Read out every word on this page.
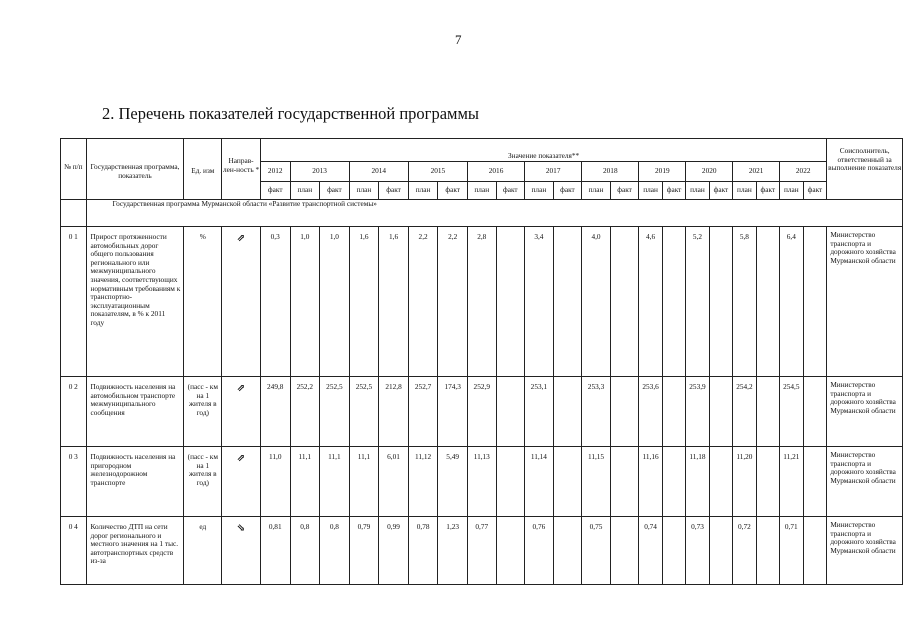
7
2. Перечень показателей государственной программы
№ п/п	Государственная программа, показатель	Ед. изм	Направ-лен-ность *	Значение показателя**																					Соисполнитель, ответственный за выполнение показателя
				2012	2013		2014		2015		2016		2017		2018		2019		2020		2021		2022		
				факт	план	факт	план	факт	план	факт	план	факт	план	факт	план	факт	план	факт	план	факт	план	факт	план	факт	
	Государственная программа Мурманской области «Развитие транспортной системы»																								
0 1	Прирост протяженности автомобильных дорог общего пользования регионального или межмуниципального значения, соответствующих нормативным требованиям к транспортно-эксплуатационным показателям, в % к 2011 году	%	⇗	0,3	1,0	1,0	1,6	1,6	2,2	2,2	2,8		3,4		4,0		4,6		5,2		5,8		6,4		Министерство транспорта и дорожного хозяйства Мурманской области
0 2	Подвижность населения на автомобильном транспорте межмуниципального сообщения	(пасс - км на 1 жителя в год)	⇗	249,8	252,2	252,5	252,5	212,8	252,7	174,3	252,9		253,1		253,3		253,6		253,9		254,2		254,5		Министерство транспорта и дорожного хозяйства Мурманской области
0 3	Подвижность населения на пригородном железнодорожном транспорте	(пасс - км на 1 жителя в год)	⇗	11,0	11,1	11,1	11,1	6,01	11,12	5,49	11,13		11,14		11,15		11,16		11,18		11,20		11,21		Министерство транспорта и дорожного хозяйства Мурманской области
0 4	Количество ДТП на сети дорог регионального и местного значения на 1 тыс. автотранспортных средств из-за	ед	⇘	0,81	0,8	0,8	0,79	0,99	0,78	1,23	0,77		0,76		0,75		0,74		0,73		0,72		0,71		Министерство транспорта и дорожного хозяйства Мурманской области
